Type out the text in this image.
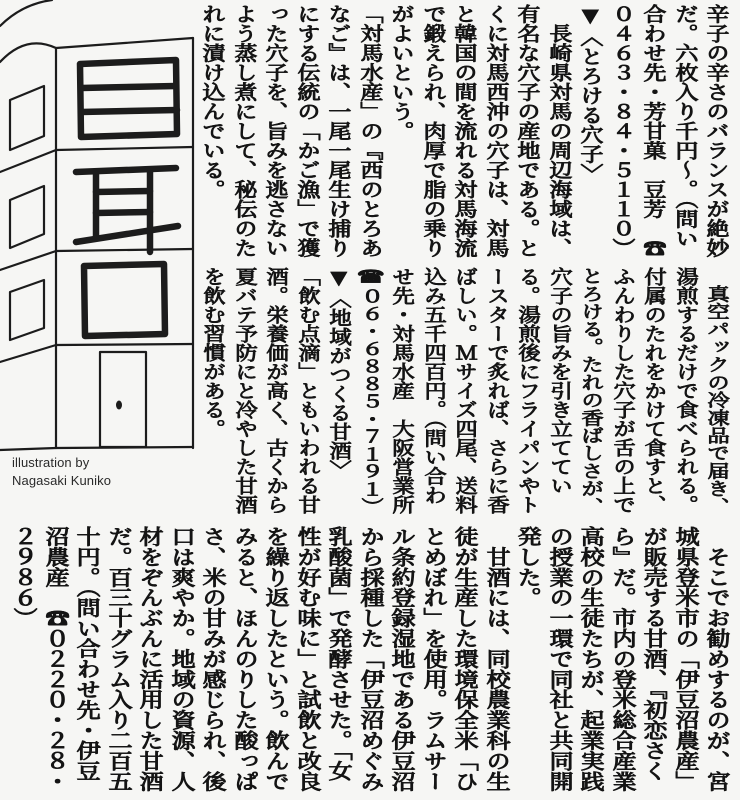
illustration by
Nagasaki Kuniko
辛子の辛さのバランスが絶妙
だ。六枚入り千円～。（問い
合わせ先・芳甘菓　豆芳　☎
０４６３・８４・５１１０）
▼〈とろける穴子〉
　長崎県対馬の周辺海域は、
有名な穴子の産地である。と
くに対馬西沖の穴子は、対馬
と韓国の間を流れる対馬海流
で鍛えられ、肉厚で脂の乗り
がよいという。
「対馬水産」の『西のとろあ
なご』は、一尾一尾生け捕り
にする伝統の「かご漁」で獲
った穴子を、旨みを逃さない
よう蒸し煮にして、秘伝のた
れに漬け込んでいる。
　真空パックの冷凍品で届き、
湯煎するだけで食べられる。
付属のたれをかけて食すと、
ふんわりした穴子が舌の上で
とろける。たれの香ばしさが、
穴子の旨みを引き立ててい
る。湯煎後にフライパンやト
ースターで炙れば、さらに香
ばしい。Ｍサイズ四尾、送料
込み五千四百円。（問い合わ
せ先・対馬水産　大阪営業所
☎０６・６８８５・７１９１）
▼〈地域がつくる甘酒〉
「飲む点滴」ともいわれる甘
酒。栄養価が高く、古くから
夏バテ予防にと冷やした甘酒
を飲む習慣がある。
　そこでお勧めするのが、宮
城県登米市の「伊豆沼農産」
が販売する甘酒、『初恋さく
ら』だ。市内の登米総合産業
高校の生徒たちが、起業実践
の授業の一環で同社と共同開
発した。
　甘酒には、同校農業科の生
徒が生産した環境保全米「ひ
とめぼれ」を使用。ラムサー
ル条約登録湿地である伊豆沼
から採種した「伊豆沼めぐみ
乳酸菌」で発酵させた。「女
性が好む味に」と試飲と改良
を繰り返したという。飲んで
みると、ほんのりした酸っぱ
さ、米の甘みが感じられ、後
口は爽やか。地域の資源、人
材をぞんぶんに活用した甘酒
だ。百三十グラム入り二百五
十円。（問い合わせ先・伊豆
沼農産　☎０２２０・２８・
２９８６）
